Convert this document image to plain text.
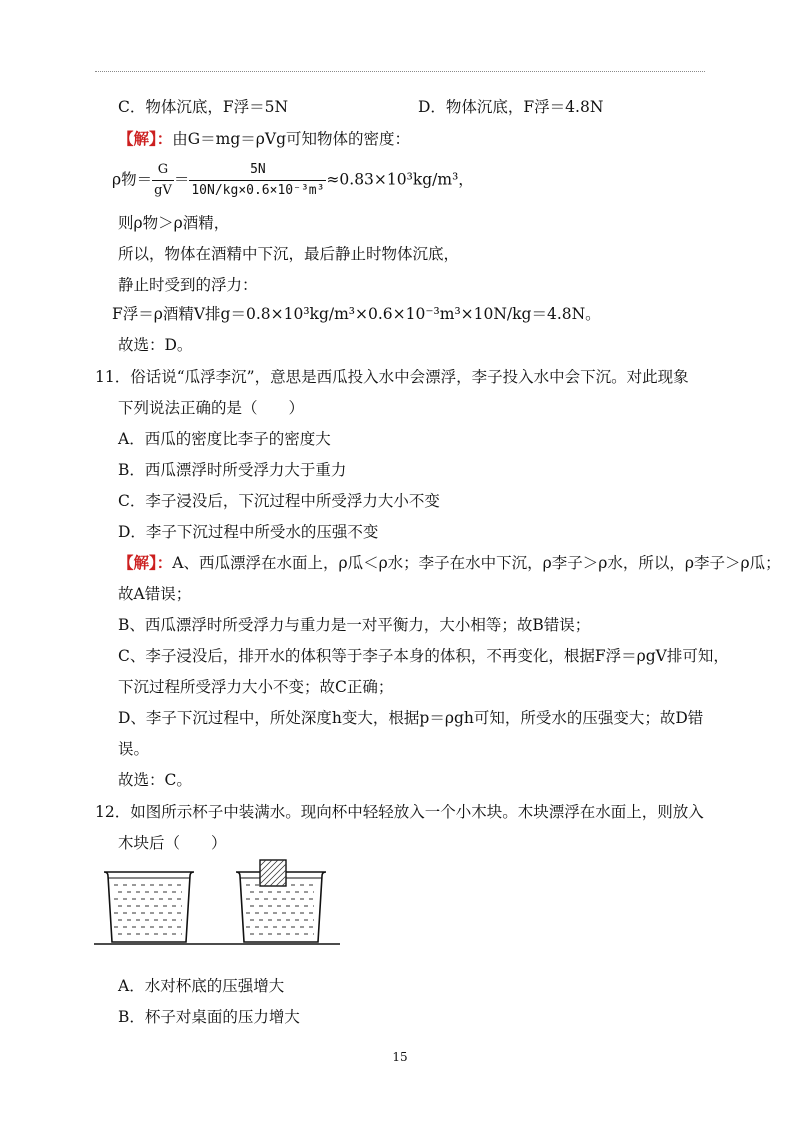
C．物体沉底，F浮＝5N	D．物体沉底，F浮＝4.8N
【解】：由G＝mg＝ρVg可知物体的密度：
ρ物＝ $\frac{G}{gV} = \frac{5N}{\text{10N/kg×0.6×10⁻³m³}} \approx 0.83\times 10^3kg/m^3$，
则ρ物＞ρ酒精，
所以，物体在酒精中下沉，最后静止时物体沉底，
静止时受到的浮力：
F浮＝ρ酒精V排g＝0.8×10³kg/m³×0.6×10⁻³m³×10N/kg＝4.8N。
故选：D。
11．俗话说“瓜浮李沉”，意思是西瓜投入水中会漂浮，李子投入水中会下沉。对此现象
下列说法正确的是（　　）
A．西瓜的密度比李子的密度大
B．西瓜漂浮时所受浮力大于重力
C．李子浸没后，下沉过程中所受浮力大小不变
D．李子下沉过程中所受水的压强不变
【解】：A、西瓜漂浮在水面上，ρ瓜＜ρ水；李子在水中下沉，ρ李子＞ρ水，所以，ρ李子＞ρ瓜；
故A错误；
B、西瓜漂浮时所受浮力与重力是一对平衡力，大小相等；故B错误；
C、李子浸没后，排开水的体积等于李子本身的体积，不再变化，根据F浮＝ρgV排可知，
下沉过程所受浮力大小不变；故C正确；
D、李子下沉过程中，所处深度h变大，根据p＝ρgh可知，所受水的压强变大；故D错
误。
故选：C。
12．如图所示杯子中装满水。现向杯中轻轻放入一个小木块。木块漂浮在水面上，则放入
木块后（　　）
A．水对杯底的压强增大
B．杯子对桌面的压力增大
15
